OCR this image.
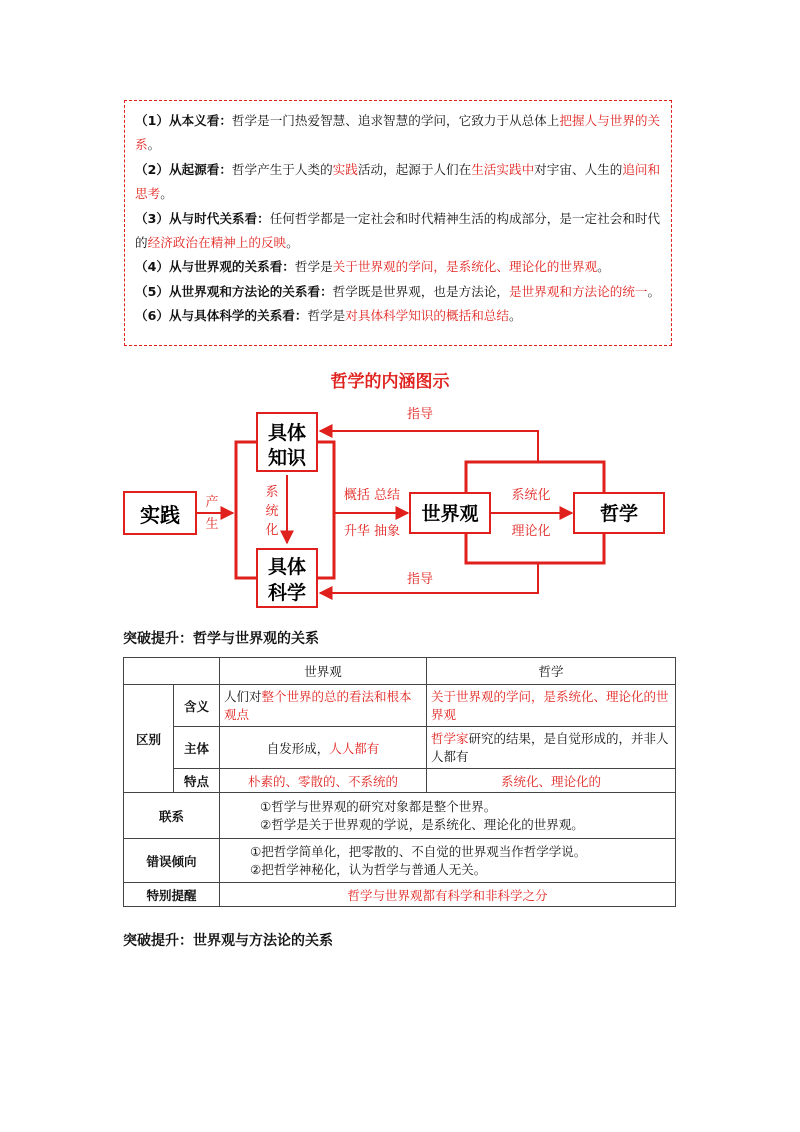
（1）从本义看：哲学是一门热爱智慧、追求智慧的学问，它致力于从总体上把握人与世界的关系。

（2）从起源看：哲学产生于人类的实践活动，起源于人们在生活实践中对宇宙、人生的追问和思考。

（3）从与时代关系看：任何哲学都是一定社会和时代精神生活的构成部分，是一定社会和时代的经济政治在精神上的反映。

（4）从与世界观的关系看：哲学是关于世界观的学问，是系统化、理论化的世界观。

（5）从世界观和方法论的关系看：哲学既是世界观，也是方法论，是世界观和方法论的统一。

（6）从与具体科学的关系看：哲学是对具体科学知识的概括和总结。

哲学的内涵图示
实践
具体
知识
具体
科学
世界观	哲学
产
生
系
统
化
概括 总结
升华 抽象
系统化
理论化
指导
指导
突破提升：哲学与世界观的关系
		世界观	哲学
区别	含义	人们对整个世界的总的看法和根本观点	关于世界观的学问，是系统化、理论化的世界观
	主体	自发形成，人人都有	哲学家研究的结果，是自觉形成的，并非人人都有
	特点	朴素的、零散的、不系统的	系统化、理论化的
联系		①哲学与世界观的研究对象都是整个世界。
②哲学是关于世界观的学说，是系统化、理论化的世界观。	

错误倾向		①把哲学简单化，把零散的、不自觉的世界观当作哲学学说。
②把哲学神秘化，认为哲学与普通人无关。	

特别提醒		哲学与世界观都有科学和非科学之分	
突破提升：世界观与方法论的关系
